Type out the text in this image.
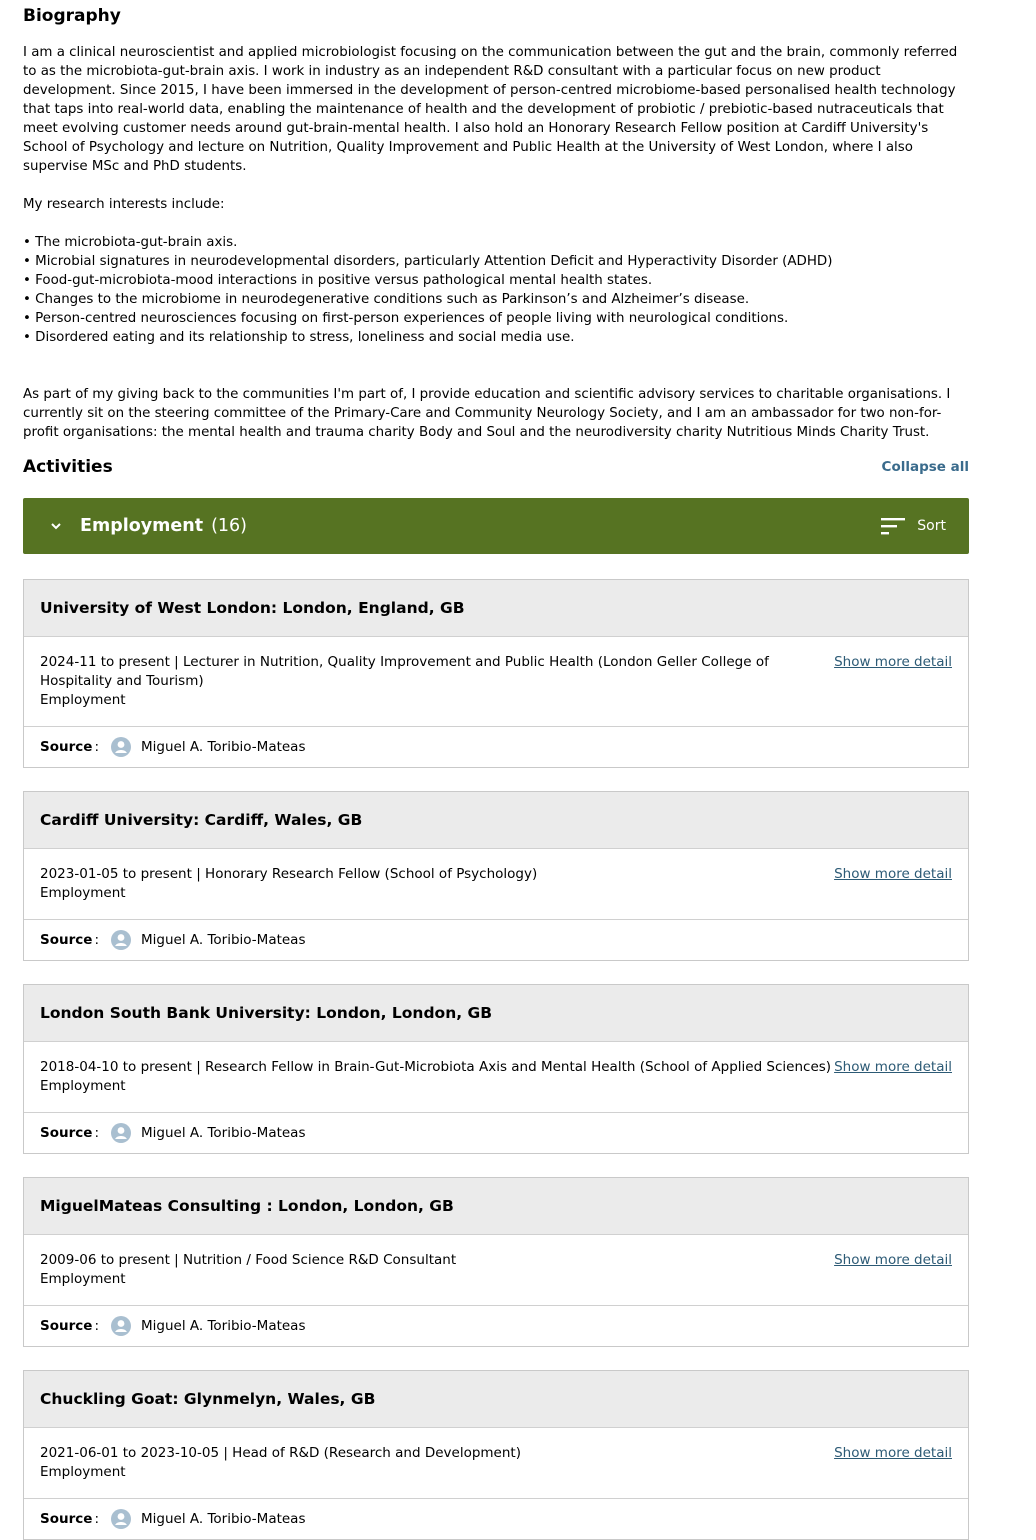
Biography

I am a clinical neuroscientist and applied microbiologist focusing on the communication between the gut and the brain, commonly referred to as the microbiota-gut-brain axis. I work in industry as an independent R&D consultant with a particular focus on new product development. Since 2015, I have been immersed in the development of person-centred microbiome-based personalised health technology that taps into real-world data, enabling the maintenance of health and the development of probiotic / prebiotic-based nutraceuticals that meet evolving customer needs around gut-brain-mental health. I also hold an Honorary Research Fellow position at Cardiff University's School of Psychology and lecture on Nutrition, Quality Improvement and Public Health at the University of West London, where I also supervise MSc and PhD students.

My research interests include:

• The microbiota-gut-brain axis.
• Microbial signatures in neurodevelopmental disorders, particularly Attention Deficit and Hyperactivity Disorder (ADHD)
• Food-gut-microbiota-mood interactions in positive versus pathological mental health states.
• Changes to the microbiome in neurodegenerative conditions such as Parkinson’s and Alzheimer’s disease.
• Person-centred neurosciences focusing on first-person experiences of people living with neurological conditions.
• Disordered eating and its relationship to stress, loneliness and social media use.

As part of my giving back to the communities I'm part of, I provide education and scientific advisory services to charitable organisations. I currently sit on the steering committee of the Primary-Care and Community Neurology Society, and I am an ambassador for two non-for-profit organisations: the mental health and trauma charity Body and Soul and the neurodiversity charity Nutritious Minds Charity Trust.

Activities	Collapse all
Employment (16)	Sort
University of West London: London, England, GB
2024-11 to present | Lecturer in Nutrition, Quality Improvement and Public Health (London Geller College of Hospitality and Tourism)
Employment
Show more detail
Source :	Miguel A. Toribio-Mateas
Cardiff University: Cardiff, Wales, GB
2023-01-05 to present | Honorary Research Fellow (School of Psychology)
Employment
Show more detail
Source :	Miguel A. Toribio-Mateas
London South Bank University: London, London, GB
2018-04-10 to present | Research Fellow in Brain-Gut-Microbiota Axis and Mental Health (School of Applied Sciences)
Employment
Show more detail
Source :	Miguel A. Toribio-Mateas
MiguelMateas Consulting : London, London, GB
2009-06 to present | Nutrition / Food Science R&D Consultant
Employment
Show more detail
Source :	Miguel A. Toribio-Mateas
Chuckling Goat: Glynmelyn, Wales, GB
2021-06-01 to 2023-10-05 | Head of R&D (Research and Development)
Employment
Show more detail
Source :	Miguel A. Toribio-Mateas
